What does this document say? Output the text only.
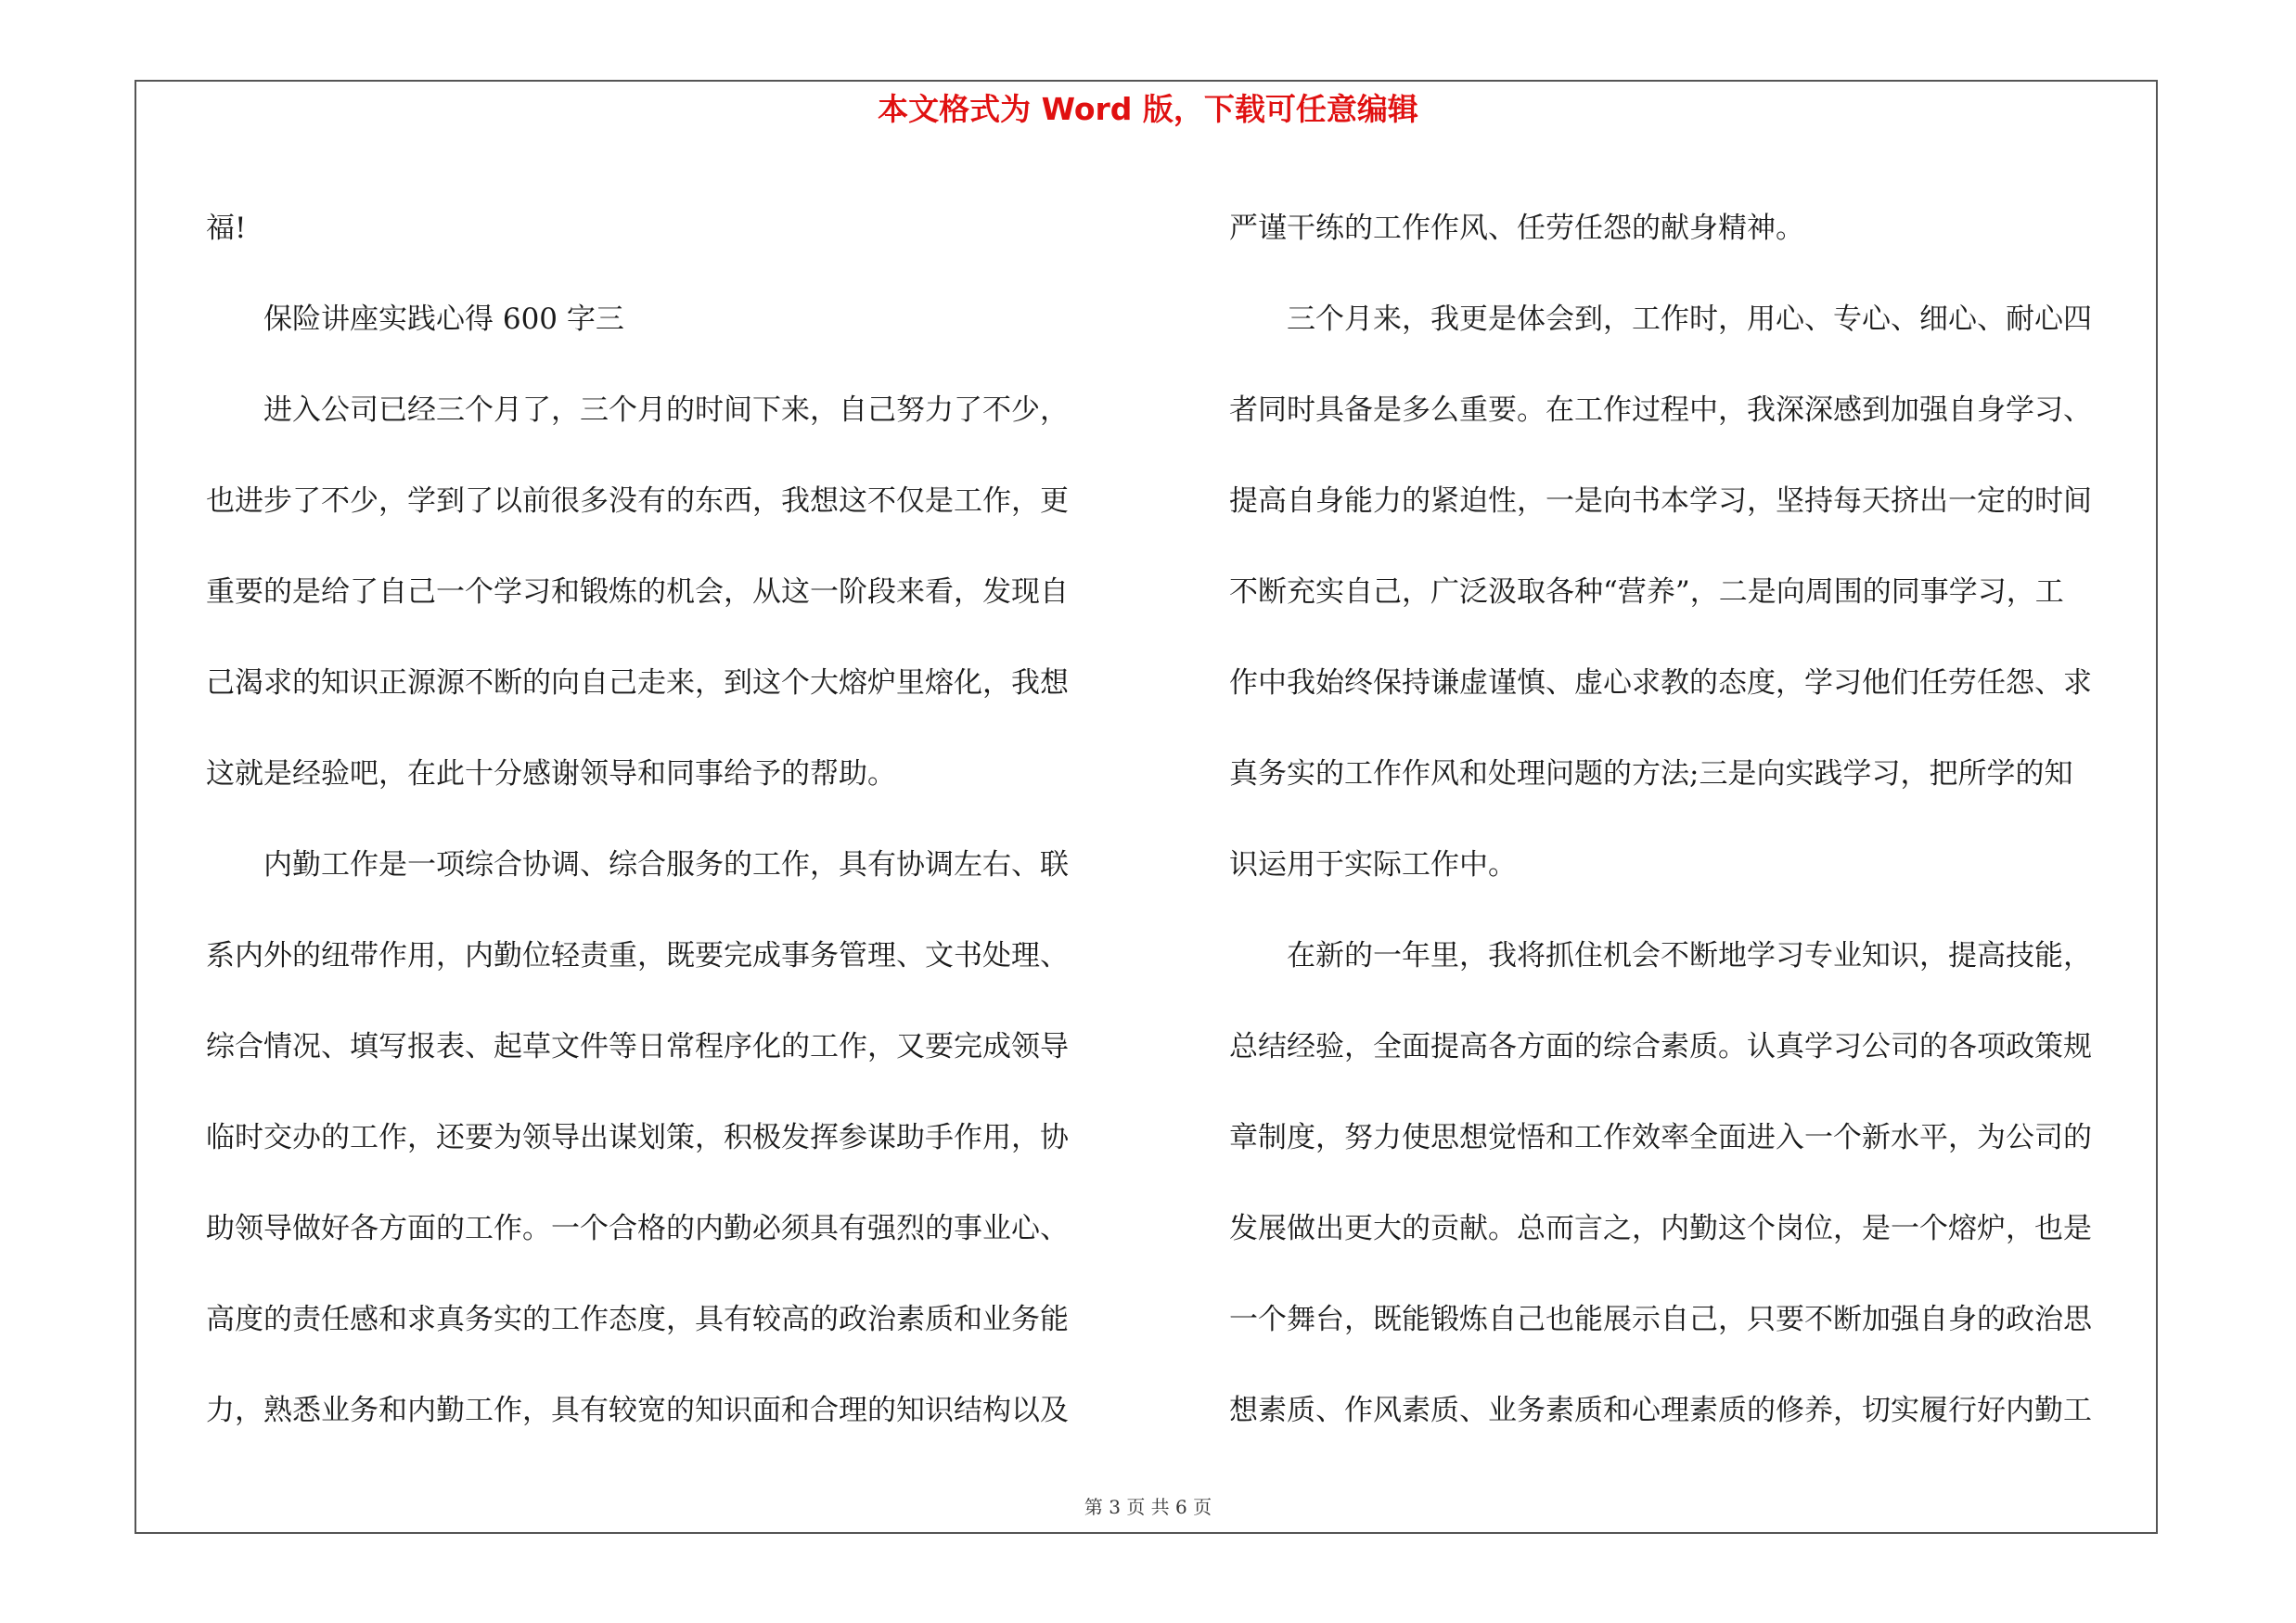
本文格式为 Word 版，下载可任意编辑

福!

保险讲座实践心得 600 字三

进入公司已经三个月了，三个月的时间下来，自己努力了不少，

也进步了不少，学到了以前很多没有的东西，我想这不仅是工作，更

重要的是给了自己一个学习和锻炼的机会，从这一阶段来看，发现自

己渴求的知识正源源不断的向自己走来，到这个大熔炉里熔化，我想

这就是经验吧，在此十分感谢领导和同事给予的帮助。

内勤工作是一项综合协调、综合服务的工作，具有协调左右、联

系内外的纽带作用，内勤位轻责重，既要完成事务管理、文书处理、

综合情况、填写报表、起草文件等日常程序化的工作，又要完成领导

临时交办的工作，还要为领导出谋划策，积极发挥参谋助手作用，协

助领导做好各方面的工作。一个合格的内勤必须具有强烈的事业心、

高度的责任感和求真务实的工作态度，具有较高的政治素质和业务能

力，熟悉业务和内勤工作，具有较宽的知识面和合理的知识结构以及

严谨干练的工作作风、任劳任怨的献身精神。

三个月来，我更是体会到，工作时，用心、专心、细心、耐心四

者同时具备是多么重要。在工作过程中，我深深感到加强自身学习、

提高自身能力的紧迫性，一是向书本学习，坚持每天挤出一定的时间

不断充实自己，广泛汲取各种“营养”，二是向周围的同事学习，工

作中我始终保持谦虚谨慎、虚心求教的态度，学习他们任劳任怨、求

真务实的工作作风和处理问题的方法;三是向实践学习，把所学的知

识运用于实际工作中。

在新的一年里，我将抓住机会不断地学习专业知识，提高技能，

总结经验，全面提高各方面的综合素质。认真学习公司的各项政策规

章制度，努力使思想觉悟和工作效率全面进入一个新水平，为公司的

发展做出更大的贡献。总而言之，内勤这个岗位，是一个熔炉，也是

一个舞台，既能锻炼自己也能展示自己，只要不断加强自身的政治思

想素质、作风素质、业务素质和心理素质的修养，切实履行好内勤工

第 3 页 共 6 页
